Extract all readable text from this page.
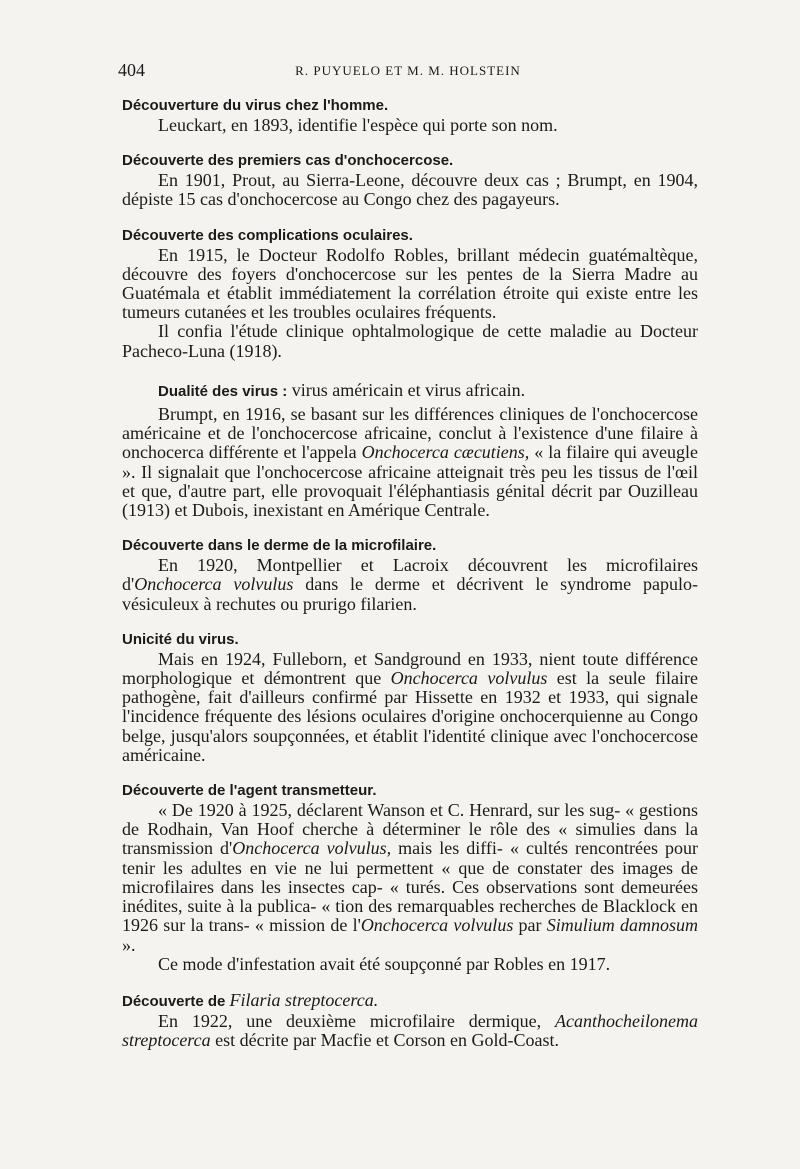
404	R. PUYUELO ET M. M. HOLSTEIN
Découverture du virus chez l'homme.

Leuckart, en 1893, identifie l'espèce qui porte son nom.

Découverte des premiers cas d'onchocercose.

En 1901, Prout, au Sierra-Leone, découvre deux cas ; Brumpt, en 1904, dépiste 15 cas d'onchocercose au Congo chez des pagayeurs.

Découverte des complications oculaires.

En 1915, le Docteur Rodolfo Robles, brillant médecin guatémaltèque, découvre des foyers d'onchocercose sur les pentes de la Sierra Madre au Guatémala et établit immédiatement la corrélation étroite qui existe entre les tumeurs cutanées et les troubles oculaires fréquents.

Il confia l'étude clinique ophtalmologique de cette maladie au Docteur Pacheco-Luna (1918).

Dualité des virus : virus américain et virus africain.

Brumpt, en 1916, se basant sur les différences cliniques de l'onchocercose américaine et de l'onchocercose africaine, conclut à l'existence d'une filaire à onchocerca différente et l'appela Onchocerca cæcutiens, « la filaire qui aveugle ». Il signalait que l'onchocercose africaine atteignait très peu les tissus de l'œil et que, d'autre part, elle provoquait l'éléphantiasis génital décrit par Ouzilleau (1913) et Dubois, inexistant en Amérique Centrale.

Découverte dans le derme de la microfilaire.

En 1920, Montpellier et Lacroix découvrent les microfilaires d'Onchocerca volvulus dans le derme et décrivent le syndrome papulo-vésiculeux à rechutes ou prurigo filarien.

Unicité du virus.

Mais en 1924, Fulleborn, et Sandground en 1933, nient toute différence morphologique et démontrent que Onchocerca volvulus est la seule filaire pathogène, fait d'ailleurs confirmé par Hissette en 1932 et 1933, qui signale l'incidence fréquente des lésions oculaires d'origine onchocerquienne au Congo belge, jusqu'alors soupçonnées, et établit l'identité clinique avec l'onchocercose américaine.

Découverte de l'agent transmetteur.

« De 1920 à 1925, déclarent Wanson et C. Henrard, sur les sug- « gestions de Rodhain, Van Hoof cherche à déterminer le rôle des « simulies dans la transmission d'Onchocerca volvulus, mais les diffi- « cultés rencontrées pour tenir les adultes en vie ne lui permettent « que de constater des images de microfilaires dans les insectes cap- « turés. Ces observations sont demeurées inédites, suite à la publica- « tion des remarquables recherches de Blacklock en 1926 sur la trans- « mission de l'Onchocerca volvulus par Simulium damnosum ».

Ce mode d'infestation avait été soupçonné par Robles en 1917.

Découverte de Filaria streptocerca.

En 1922, une deuxième microfilaire dermique, Acanthocheilonema streptocerca est décrite par Macfie et Corson en Gold-Coast.
